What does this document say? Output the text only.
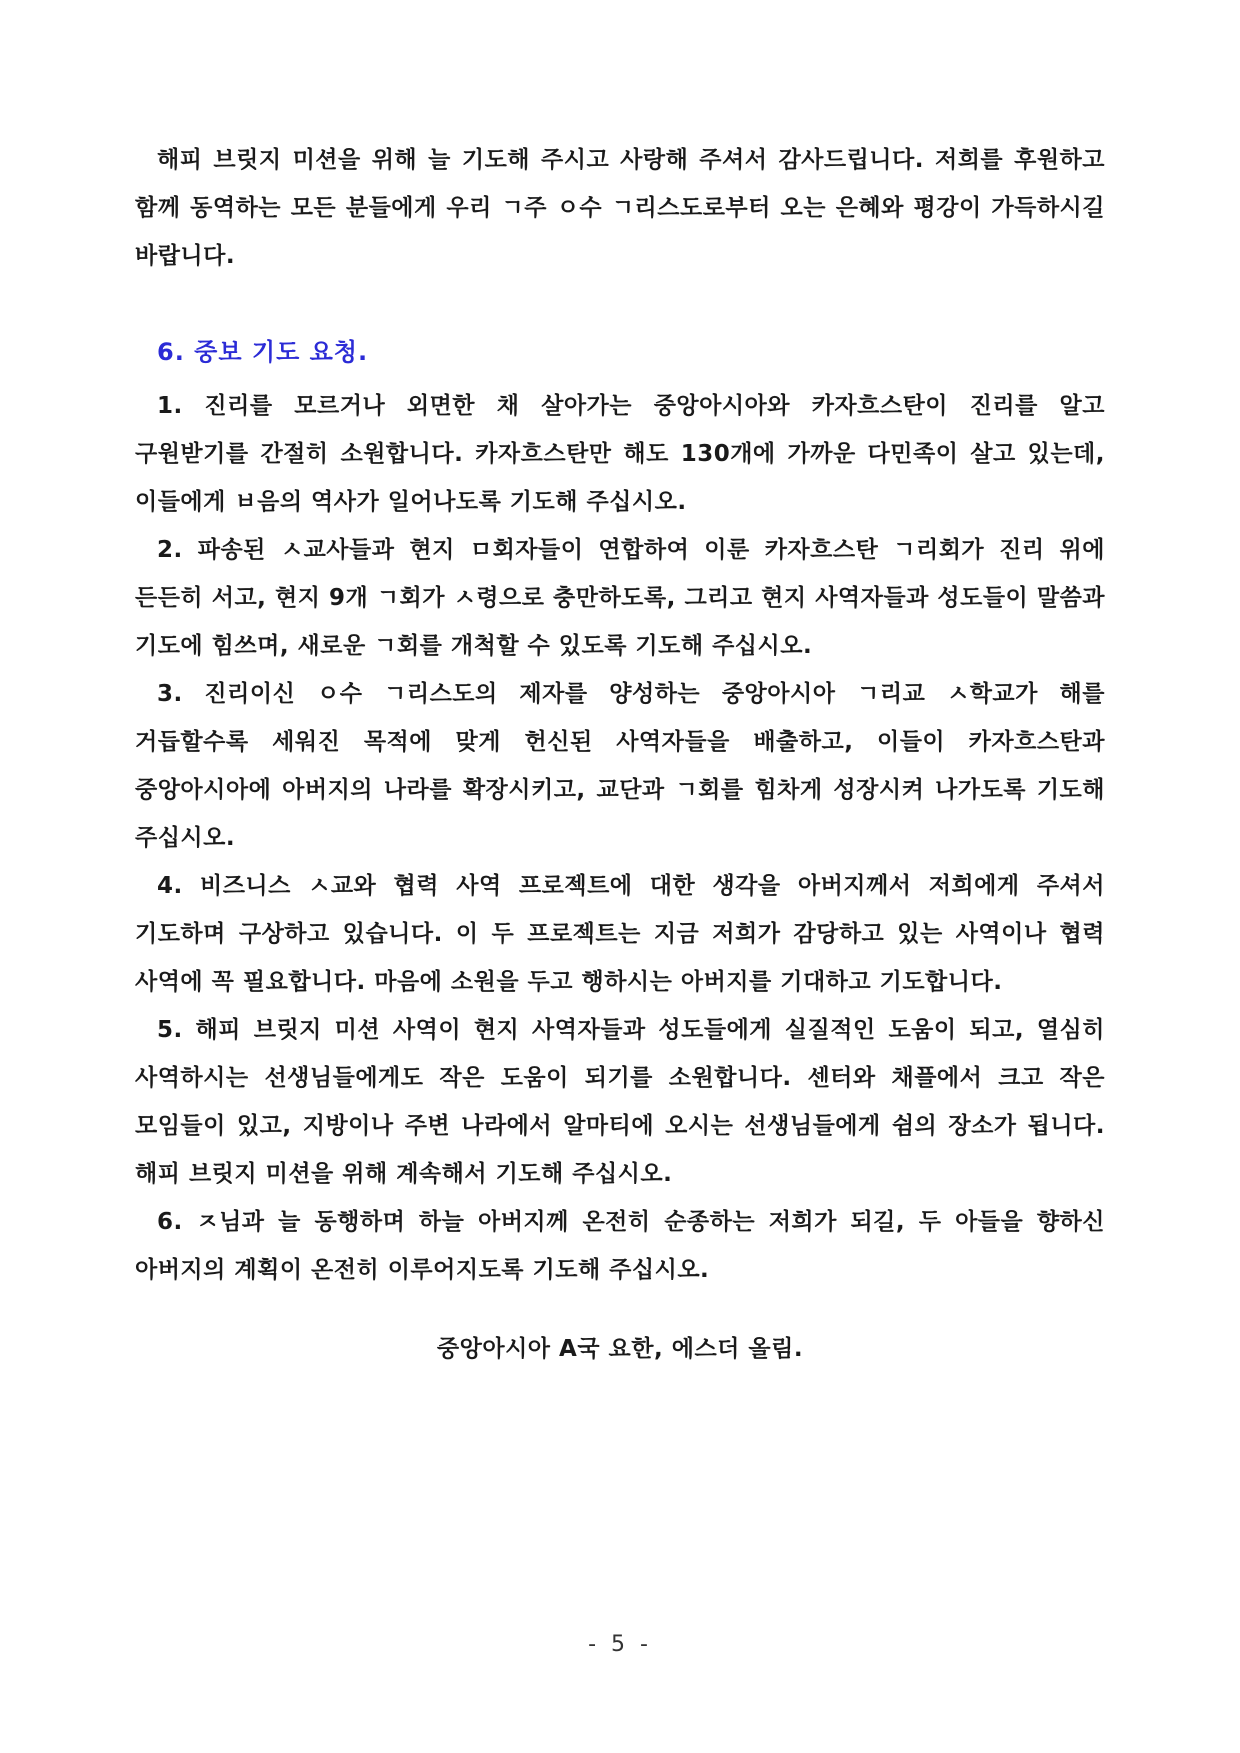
해피 브릿지 미션을 위해 늘 기도해 주시고 사랑해 주셔서 감사드립니다. 저희를 후원하고 함께 동역하는 모든 분들에게 우리 ㄱ주 ㅇ수 ㄱ리스도로부터 오는 은혜와 평강이 가득하시길 바랍니다.

6. 중보 기도 요청.

1. 진리를 모르거나 외면한 채 살아가는 중앙아시아와 카자흐스탄이 진리를 알고 구원받기를 간절히 소원합니다. 카자흐스탄만 해도 130개에 가까운 다민족이 살고 있는데, 이들에게 ㅂ음의 역사가 일어나도록 기도해 주십시오.

2. 파송된 ㅅ교사들과 현지 ㅁ회자들이 연합하여 이룬 카자흐스탄 ㄱ리회가 진리 위에 든든히 서고, 현지 9개 ㄱ회가 ㅅ령으로 충만하도록, 그리고 현지 사역자들과 성도들이 말씀과 기도에 힘쓰며, 새로운 ㄱ회를 개척할 수 있도록 기도해 주십시오.

3. 진리이신 ㅇ수 ㄱ리스도의 제자를 양성하는 중앙아시아 ㄱ리교 ㅅ학교가 해를 거듭할수록 세워진 목적에 맞게 헌신된 사역자들을 배출하고, 이들이 카자흐스탄과 중앙아시아에 아버지의 나라를 확장시키고, 교단과 ㄱ회를 힘차게 성장시켜 나가도록 기도해 주십시오.

4. 비즈니스 ㅅ교와 협력 사역 프로젝트에 대한 생각을 아버지께서 저희에게 주셔서 기도하며 구상하고 있습니다. 이 두 프로젝트는 지금 저희가 감당하고 있는 사역이나 협력 사역에 꼭 필요합니다. 마음에 소원을 두고 행하시는 아버지를 기대하고 기도합니다.

5. 해피 브릿지 미션 사역이 현지 사역자들과 성도들에게 실질적인 도움이 되고, 열심히 사역하시는 선생님들에게도 작은 도움이 되기를 소원합니다. 센터와 채플에서 크고 작은 모임들이 있고, 지방이나 주변 나라에서 알마티에 오시는 선생님들에게 쉼의 장소가 됩니다. 해피 브릿지 미션을 위해 계속해서 기도해 주십시오.

6. ㅈ님과 늘 동행하며 하늘 아버지께 온전히 순종하는 저희가 되길, 두 아들을 향하신 아버지의 계획이 온전히 이루어지도록 기도해 주십시오.

중앙아시아 A국 요한, 에스더 올림.
- 5 -
